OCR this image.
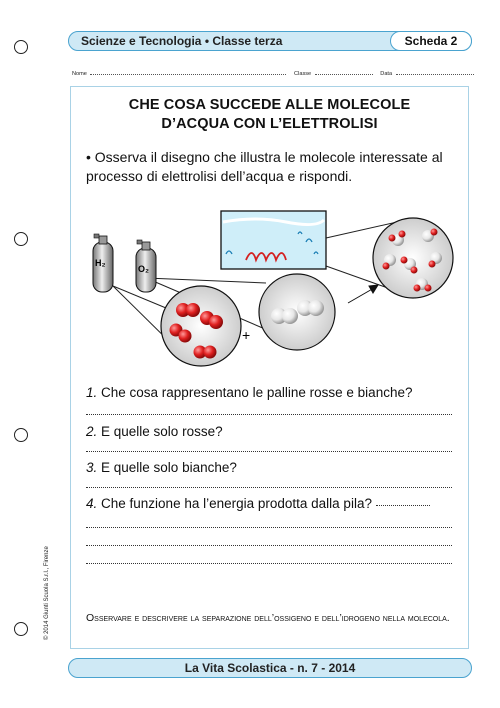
Scienze e Tecnologia • Classe terza	Scheda 2
Nome	Classe	Data
CHE COSA SUCCEDE ALLE MOLECOLE
D’ACQUA CON L’ELETTROLISI
• Osserva il disegno che illustra le molecole interessate al processo di elettrolisi dell’acqua e rispondi.
H₂
O₂
+
1. Che cosa rappresentano le palline rosse e bianche?
2. E quelle solo rosse?
3. E quelle solo bianche?
4. Che funzione ha l’energia prodotta dalla pila?
Osservare e descrivere la separazione dell’ossigeno e dell’idrogeno nella molecola.
La Vita Scolastica - n. 7 - 2014
© 2014 Giunti Scuola S.r.l., Firenze
